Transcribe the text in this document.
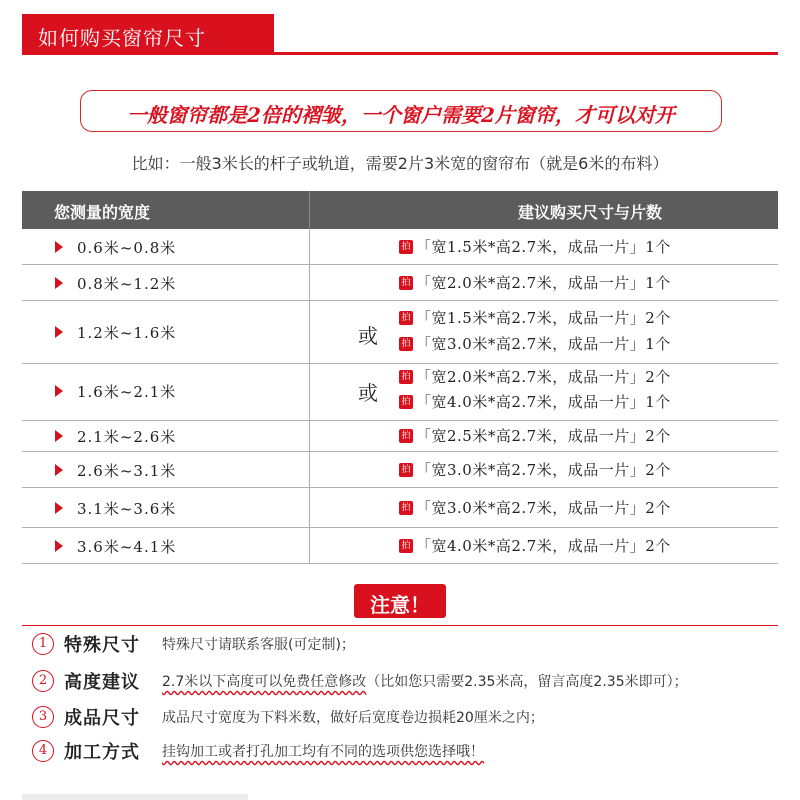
如何购买窗帘尺寸
一般窗帘都是2倍的褶皱，一个窗户需要2片窗帘，才可以对开
比如：一般3米长的杆子或轨道，需要2片3米宽的窗帘布（就是6米的布料）
您测量的宽度	建议购买尺寸与片数
0.6米~0.8米	拍 「宽1.5米*高2.7米，成品一片」1个
0.8米~1.2米	拍 「宽2.0米*高2.7米，成品一片」1个
1.2米~1.6米	或
拍 「宽1.5米*高2.7米，成品一片」2个
拍 「宽3.0米*高2.7米，成品一片」1个
1.6米~2.1米	或
拍 「宽2.0米*高2.7米，成品一片」2个
拍 「宽4.0米*高2.7米，成品一片」1个
2.1米~2.6米	拍 「宽2.5米*高2.7米，成品一片」2个
2.6米~3.1米	拍 「宽3.0米*高2.7米，成品一片」2个
3.1米~3.6米	拍 「宽3.0米*高2.7米，成品一片」2个
3.6米~4.1米	拍 「宽4.0米*高2.7米，成品一片」2个
注意！
1 特殊尺寸 特殊尺寸请联系客服(可定制)；
2 高度建议 2.7米以下高度可以免费任意修改（比如您只需要2.35米高，留言高度2.35米即可）；
3 成品尺寸 成品尺寸宽度为下料米数，做好后宽度卷边损耗20厘米之内；
4 加工方式 挂钩加工或者打孔加工均有不同的选项供您选择哦！
